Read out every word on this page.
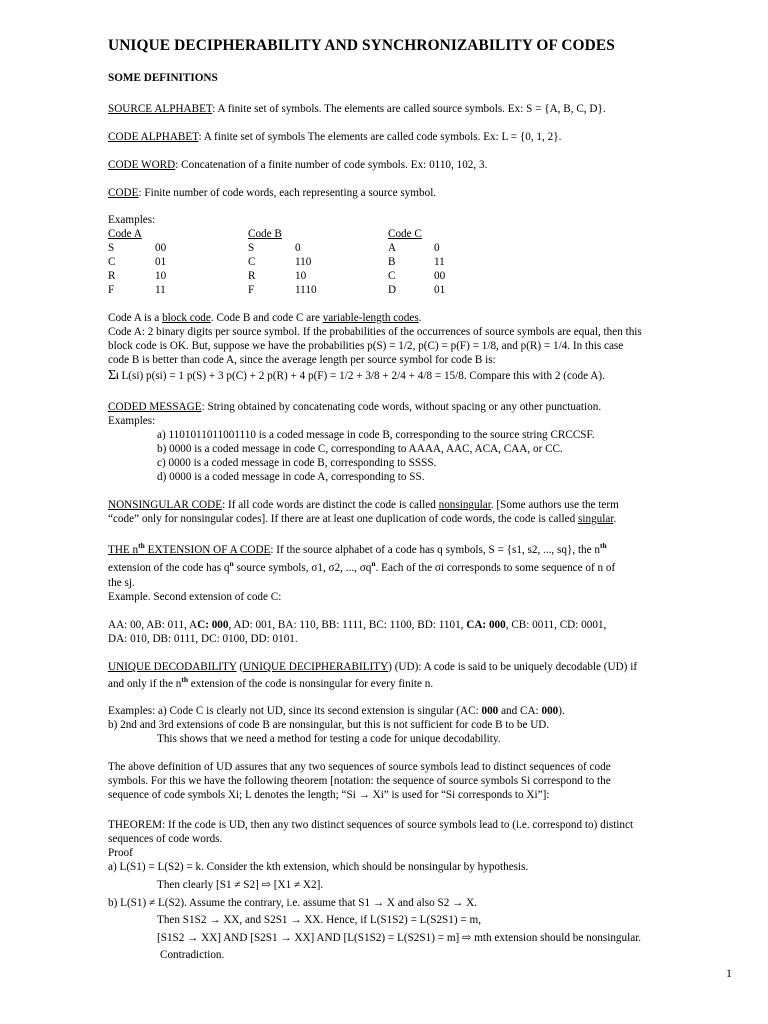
UNIQUE DECIPHERABILITY AND SYNCHRONIZABILITY OF CODES
SOME DEFINITIONS
SOURCE ALPHABET: A finite set of symbols. The elements are called source symbols. Ex: S = {A, B, C, D}.
CODE ALPHABET: A finite set of symbols The elements are called code symbols. Ex: L = {0, 1, 2}.
CODE WORD: Concatenation of a finite number of code symbols. Ex: 0110, 102, 3.
CODE: Finite number of code words, each representing a source symbol.
Examples:
Code A	Code B	Code C
S	00	S	0	A	0
C	01	C	110	B	11
R	10	R	10	C	00
F	11	F	1110	D	01
Code A is a block code. Code B and code C are variable-length codes.
Code A: 2 binary digits per source symbol. If the probabilities of the occurrences of source symbols are equal, then this
block code is OK. But, suppose we have the probabilities p(S) = 1/2, p(C) = p(F) = 1/8, and p(R) = 1/4. In this case
code B is better than code A, since the average length per source symbol for code B is:
Σi L(si) p(si) = 1 p(S) + 3 p(C) + 2 p(R) + 4 p(F) = 1/2 + 3/8 + 2/4 + 4/8 = 15/8. Compare this with 2 (code A).
CODED MESSAGE: String obtained by concatenating code words, without spacing or any other punctuation.
Examples:
a) 1101011011001110 is a coded message in code B, corresponding to the source string CRCCSF.
b) 0000 is a coded message in code C, corresponding to AAAA, AAC, ACA, CAA, or CC.
c) 0000 is a coded message in code B, corresponding to SSSS.
d) 0000 is a coded message in code A, corresponding to SS.
NONSINGULAR CODE: If all code words are distinct the code is called nonsingular. [Some authors use the term
“code” only for nonsingular codes]. If there are at least one duplication of code words, the code is called singular.
THE $n^{th}$ EXTENSION OF A CODE: If the source alphabet of a code has q symbols, S = {s1, s2, ..., sq}, the $n^{th}$
extension of the code has $q^n$ source symbols, σ1, σ2, ..., $\sigma q^n$. Each of the σi corresponds to some sequence of n of
the sj.
Example. Second extension of code C:
AA: 00, AB: 011, AC: 000, AD: 001, BA: 110, BB: 1111, BC: 1100, BD: 1101, CA: 000, CB: 0011, CD: 0001,
DA: 010, DB: 0111, DC: 0100, DD: 0101.
UNIQUE DECODABILITY (UNIQUE DECIPHERABILITY) (UD): A code is said to be uniquely decodable (UD) if
and only if the $n^{th}$ extension of the code is nonsingular for every finite n.
Examples: a) Code C is clearly not UD, since its second extension is singular (AC: 000 and CA: 000).
b) 2nd and 3rd extensions of code B are nonsingular, but this is not sufficient for code B to be UD.
This shows that we need a method for testing a code for unique decodability.
The above definition of UD assures that any two sequences of source symbols lead to distinct sequences of code
symbols. For this we have the following theorem [notation: the sequence of source symbols Si correspond to the
sequence of code symbols Xi; L denotes the length; “Si → Xi” is used for “Si corresponds to Xi”]:
THEOREM: If the code is UD, then any two distinct sequences of source symbols lead to (i.e. correspond to) distinct
sequences of code words.
Proof
a) L(S1) = L(S2) = k. Consider the kth extension, which should be nonsingular by hypothesis.
Then clearly [S1 ≠ S2] ⇨ [X1 ≠ X2].
b) L(S1) ≠ L(S2). Assume the contrary, i.e. assume that S1 → X and also S2 → X.
Then S1S2 → XX, and S2S1 → XX. Hence, if L(S1S2) = L(S2S1) = m,
[S1S2 → XX] AND [S2S1 → XX] AND [L(S1S2) = L(S2S1) = m] ⇨ mth extension should be nonsingular.
Contradiction.
1
